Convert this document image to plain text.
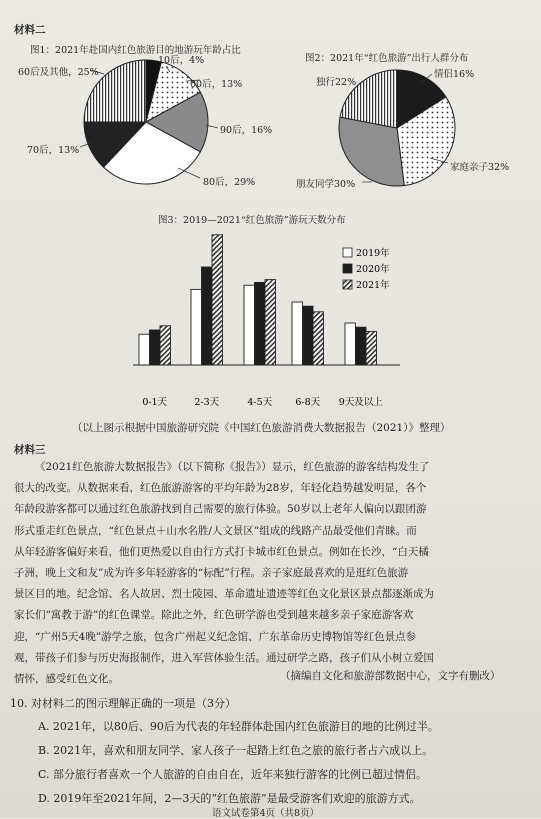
材料二
图1：2021年赴国内红色旅游目的地游玩年龄占比
图2：2021年“红色旅游”出行人群分布
10后，4%
00后，13%
90后，16%
80后，29%
70后，13%
60后及其他，25%	情侣16%
家庭亲子32%
朋友同学30%
独行22%
图3：2019—2021“红色旅游”游玩天数分布
0-1天	2-3天	4-5天 6-8天 9天及以上
2019年
2020年
2021年
（以上图示根据中国旅游研究院《中国红色旅游消费大数据报告（2021）》整理）
材料三

《2021红色旅游大数据报告》（以下简称《报告》）显示，红色旅游的游客结构发生了

很大的改变。从数据来看，红色旅游游客的平均年龄为28岁，年轻化趋势越发明显，各个

年龄段游客都可以通过红色旅游找到自己需要的旅行体验。50岁以上老年人偏向以跟团游

形式重走红色景点，“红色景点＋山水名胜/人文景区”组成的线路产品最受他们青睐。而

从年轻游客偏好来看，他们更热爱以自由行方式打卡城市红色景点。例如在长沙，“白天橘

子洲，晚上文和友”成为许多年轻游客的“标配”行程。亲子家庭最喜欢的是逛红色旅游

景区目的地。纪念馆、名人故居、烈士陵园、革命遗址遗迹等红色文化景区景点都逐渐成为

家长们“寓教于游”的红色课堂。除此之外，红色研学游也受到越来越多亲子家庭游客欢

迎，“广州5天4晚”游学之旅，包含广州起义纪念馆、广东革命历史博物馆等红色景点参

观，带孩子们参与历史海报制作，进入军营体验生活。通过研学之路，孩子们从小树立爱国

情怀，感受红色文化。	（摘编自文化和旅游部数据中心，文字有删改）
10. 对材料二的图示理解正确的一项是（3分）
A. 2021年，以80后、90后为代表的年轻群体赴国内红色旅游目的地的比例过半。
B. 2021年，喜欢和朋友同学、家人孩子一起踏上红色之旅的旅行者占六成以上。
C. 部分旅行者喜欢一个人旅游的自由自在，近年来独行游客的比例已超过情侣。
D. 2019年至2021年间，2—3天的“红色旅游”是最受游客们欢迎的旅游方式。
语文试卷第4页（共8页）
